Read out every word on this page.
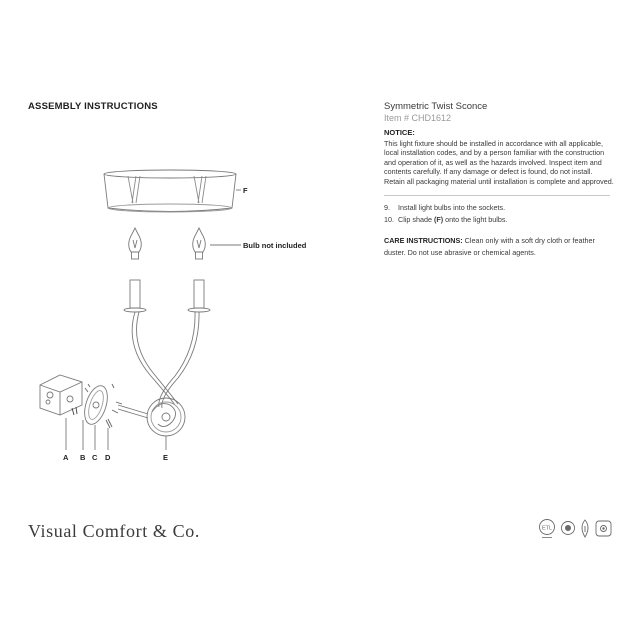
ASSEMBLY INSTRUCTIONS	Symmetric Twist Sconce
Item # CHD1612
NOTICE:
This light fixture should be installed in accordance with all applicable, local installation codes, and by a person familiar with the construction and operation of it, as well as the hazards involved. Inspect item and contents carefully. If any damage or defect is found, do not install. Retain all packaging material until installation is complete and approved.
9. Install light bulbs into the sockets.
10. Clip shade (F) onto the light bulbs.
CARE INSTRUCTIONS: Clean only with a soft dry cloth or feather duster. Do not use abrasive or chemical agents.
F
Bulb not included
A B C D	E
Visual Comfort & Co.	ETL
